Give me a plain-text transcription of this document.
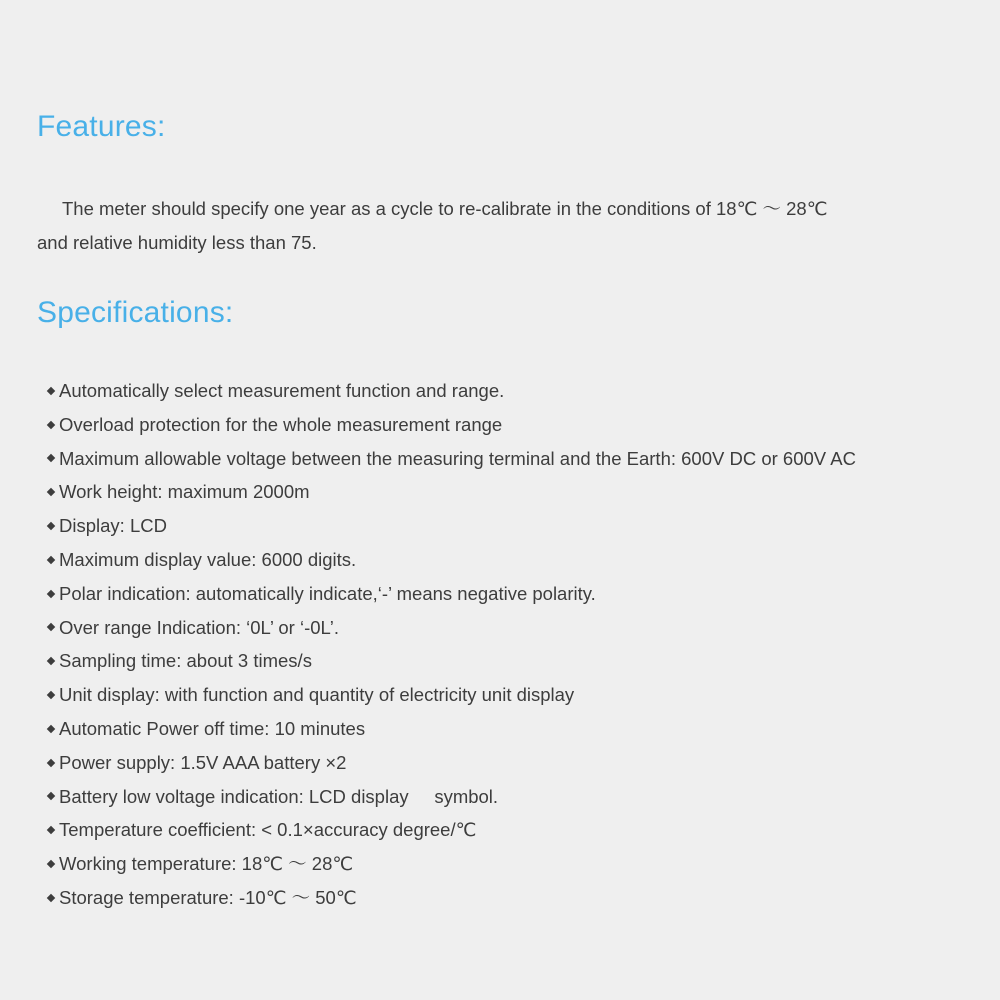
Features:

The meter should specify one year as a cycle to re-calibrate in the conditions of 18℃ ～ 28℃
and relative humidity less than 75.

Specifications:
Automatically select measurement function and range.
Overload protection for the whole measurement range
Maximum allowable voltage between the measuring terminal and the Earth: 600V DC or 600V AC
Work height: maximum 2000m
Display: LCD
Maximum display value: 6000 digits.
Polar indication: automatically indicate,‘-’ means negative polarity.
Over range Indication: ‘0L’ or ‘-0L’.
Sampling time: about 3 times/s
Unit display: with function and quantity of electricity unit display
Automatic Power off time: 10 minutes
Power supply: 1.5V AAA battery ×2
Battery low voltage indication: LCD display     symbol.
Temperature coefficient: < 0.1×accuracy degree/℃
Working temperature: 18℃ ～ 28℃
Storage temperature: -10℃ ～ 50℃
